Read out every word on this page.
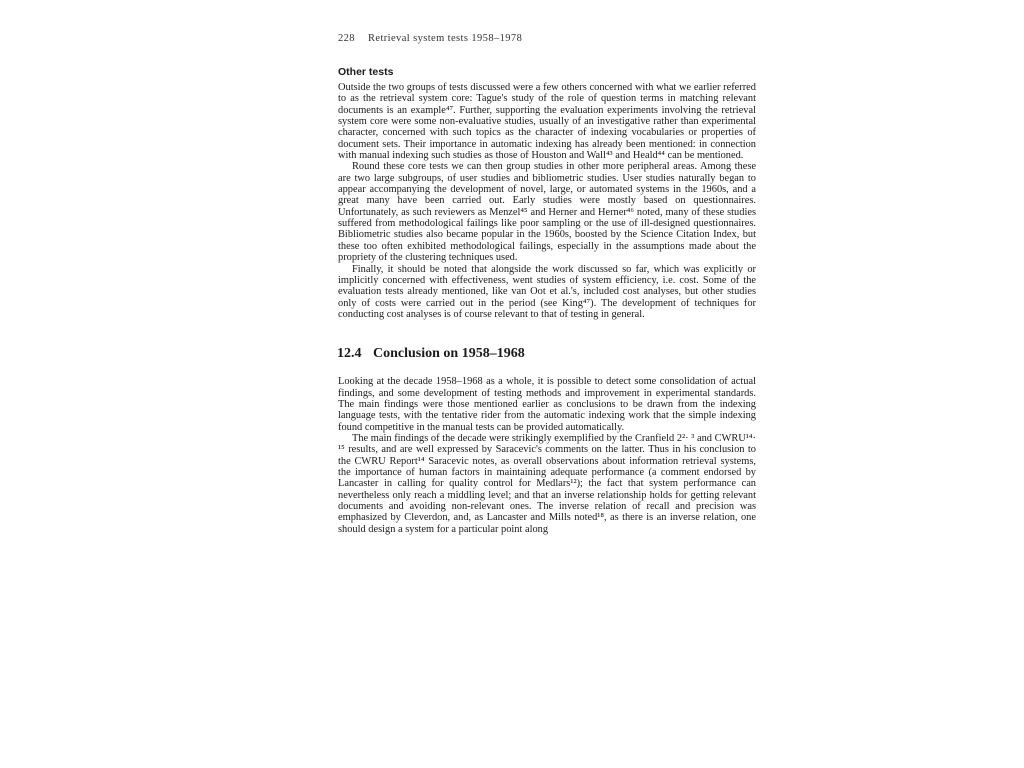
228 Retrieval system tests 1958–1978
Other tests

Outside the two groups of tests discussed were a few others concerned with what we earlier referred to as the retrieval system core: Tague's study of the role of question terms in matching relevant documents is an example⁴⁷. Further, supporting the evaluation experiments involving the retrieval system core were some non-evaluative studies, usually of an investigative rather than experimental character, concerned with such topics as the character of indexing vocabularies or properties of document sets. Their importance in automatic indexing has already been mentioned: in connection with manual indexing such studies as those of Houston and Wall⁴³ and Heald⁴⁴ can be mentioned.

Round these core tests we can then group studies in other more peripheral areas. Among these are two large subgroups, of user studies and bibliometric studies. User studies naturally began to appear accompanying the development of novel, large, or automated systems in the 1960s, and a great many have been carried out. Early studies were mostly based on questionnaires. Unfortunately, as such reviewers as Menzel⁴⁵ and Herner and Herner⁴⁶ noted, many of these studies suffered from methodological failings like poor sampling or the use of ill-designed questionnaires. Bibliometric studies also became popular in the 1960s, boosted by the Science Citation Index, but these too often exhibited methodological failings, especially in the assumptions made about the propriety of the clustering techniques used.

Finally, it should be noted that alongside the work discussed so far, which was explicitly or implicitly concerned with effectiveness, went studies of system efficiency, i.e. cost. Some of the evaluation tests already mentioned, like van Oot et al.'s, included cost analyses, but other studies only of costs were carried out in the period (see King⁴⁷). The development of techniques for conducting cost analyses is of course relevant to that of testing in general.

12.4 Conclusion on 1958–1968

Looking at the decade 1958–1968 as a whole, it is possible to detect some consolidation of actual findings, and some development of testing methods and improvement in experimental standards. The main findings were those mentioned earlier as conclusions to be drawn from the indexing language tests, with the tentative rider from the automatic indexing work that the simple indexing found competitive in the manual tests can be provided automatically.

The main findings of the decade were strikingly exemplified by the Cranfield 2²· ³ and CWRU¹⁴· ¹⁵ results, and are well expressed by Saracevic's comments on the latter. Thus in his conclusion to the CWRU Report¹⁴ Saracevic notes, as overall observations about information retrieval systems, the importance of human factors in maintaining adequate performance (a comment endorsed by Lancaster in calling for quality control for Medlars¹²); the fact that system performance can nevertheless only reach a middling level; and that an inverse relationship holds for getting relevant documents and avoiding non-relevant ones. The inverse relation of recall and precision was emphasized by Cleverdon, and, as Lancaster and Mills noted¹⁸, as there is an inverse relation, one should design a system for a particular point along
